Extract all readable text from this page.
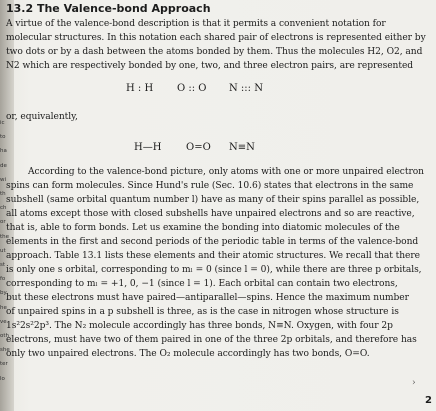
ic
to
ha
de
wi
th
ch
or
the
ut
st
fo
by
he
ve
oth
she
ter
lo
13.2 The Valence-bond Approach
A virtue of the valence-bond description is that it permits a convenient notation for
molecular structures. In this notation each shared pair of electrons is represented either by
two dots or by a dash between the atoms bonded by them. Thus the molecules H2, O2, and
N2 which are respectively bonded by one, two, and three electron pairs, are represented
H : H O :: O N ::: N
or, equivalently,
H—H O=O N≡N
According to the valence-bond picture, only atoms with one or more unpaired electron
spins can form molecules. Since Hund's rule (Sec. 10.6) states that electrons in the same
subshell (same orbital quantum number l) have as many of their spins parallel as possible,
all atoms except those with closed subshells have unpaired electrons and so are reactive,
that is, able to form bonds. Let us examine the bonding into diatomic molecules of the
elements in the first and second periods of the periodic table in terms of the valence-bond
approach. Table 13.1 lists these elements and their atomic structures. We recall that there
is only one s orbital, corresponding to mₗ = 0 (since l = 0), while there are three p orbitals,
corresponding to mₗ = +1, 0, −1 (since l = 1). Each orbital can contain two electrons,
but these electrons must have paired—antiparallel—spins. Hence the maximum number
of unpaired spins in a p subshell is three, as is the case in nitrogen whose structure is
1s²2s²2p³. The N₂ molecule accordingly has three bonds, N≡N. Oxygen, with four 2p
electrons, must have two of them paired in one of the three 2p orbitals, and therefore has
only two unpaired electrons. The O₂ molecule accordingly has two bonds, O=O.
›
2
